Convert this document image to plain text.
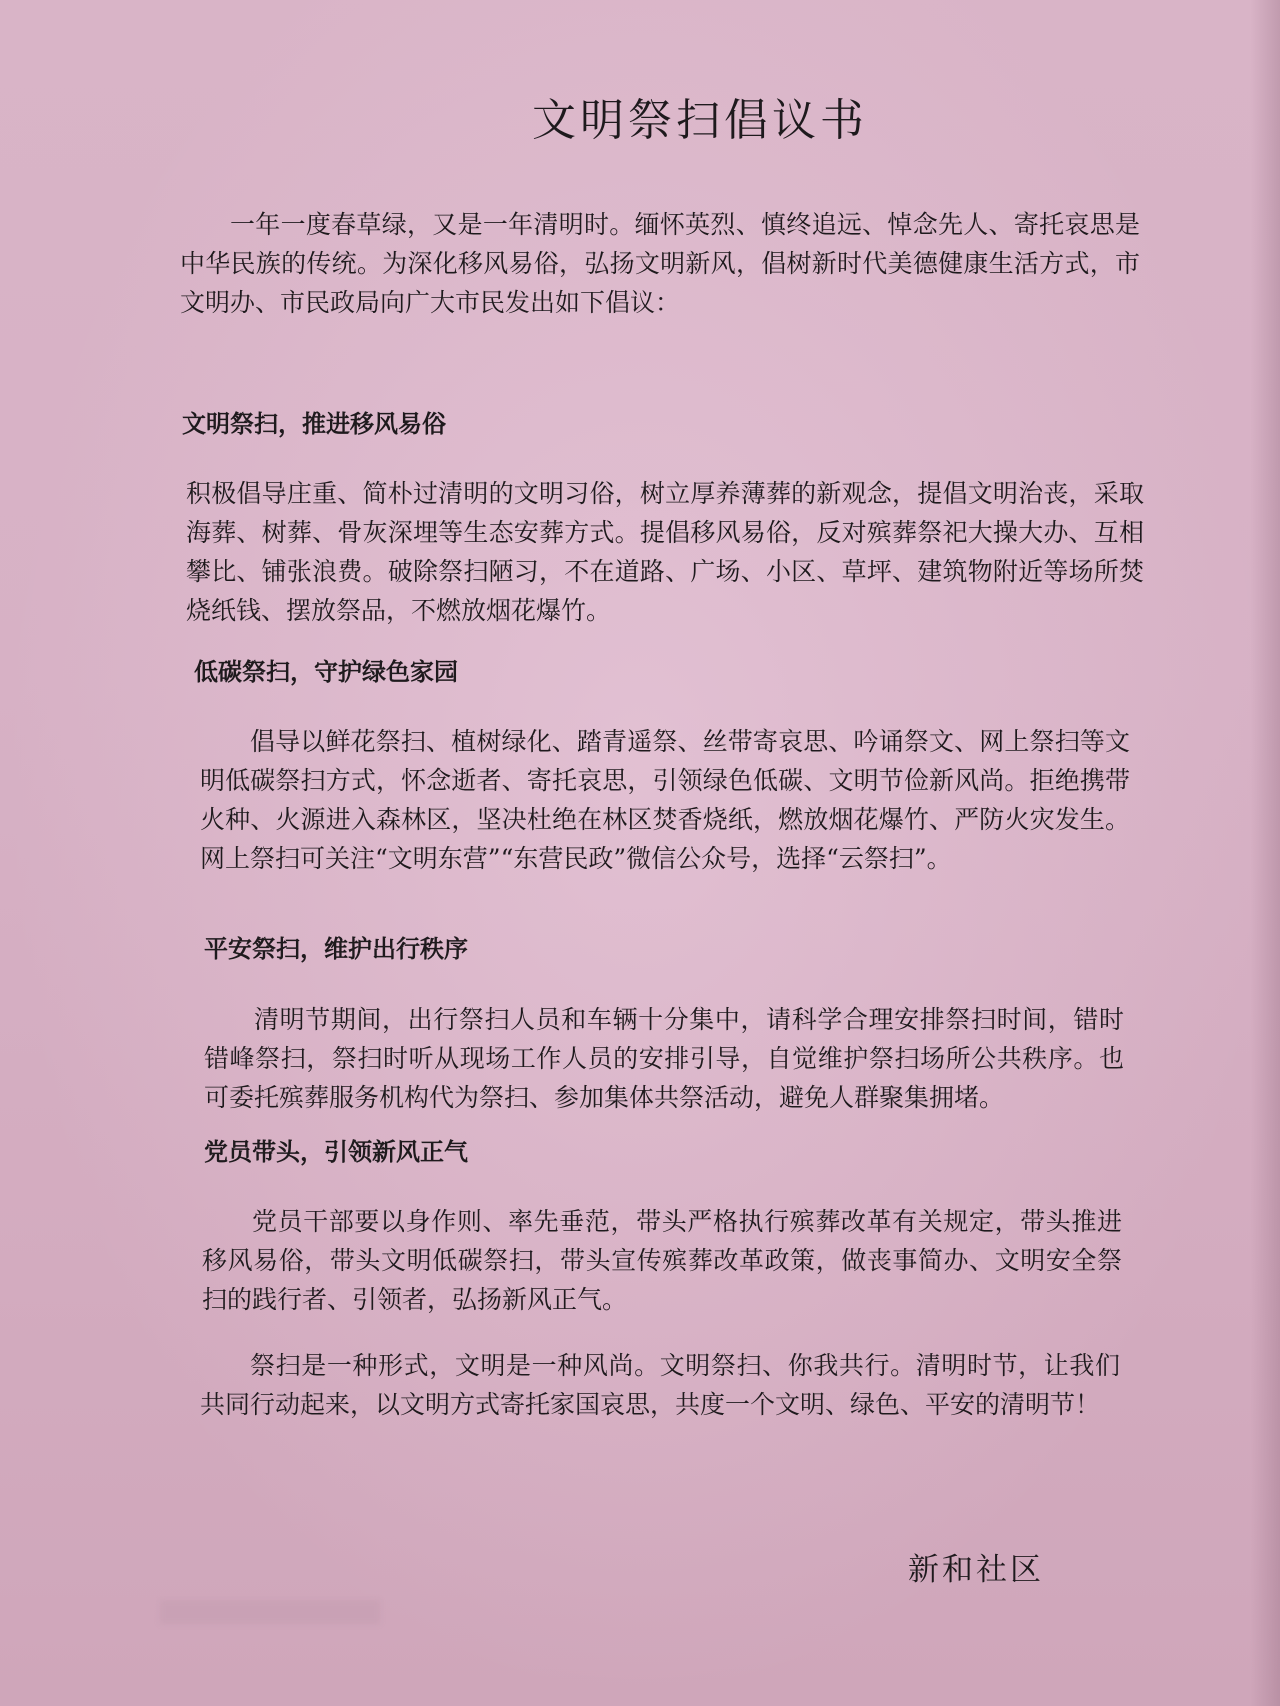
文明祭扫倡议书
一年一度春草绿，又是一年清明时。缅怀英烈、慎终追远、悼念先人、寄托哀思是中华民族的传统。为深化移风易俗，弘扬文明新风，倡树新时代美德健康生活方式，市文明办、市民政局向广大市民发出如下倡议：
文明祭扫，推进移风易俗
积极倡导庄重、简朴过清明的文明习俗，树立厚养薄葬的新观念，提倡文明治丧，采取海葬、树葬、骨灰深埋等生态安葬方式。提倡移风易俗，反对殡葬祭祀大操大办、互相攀比、铺张浪费。破除祭扫陋习，不在道路、广场、小区、草坪、建筑物附近等场所焚烧纸钱、摆放祭品，不燃放烟花爆竹。
低碳祭扫，守护绿色家园
倡导以鲜花祭扫、植树绿化、踏青遥祭、丝带寄哀思、吟诵祭文、网上祭扫等文明低碳祭扫方式，怀念逝者、寄托哀思，引领绿色低碳、文明节俭新风尚。拒绝携带火种、火源进入森林区，坚决杜绝在林区焚香烧纸，燃放烟花爆竹、严防火灾发生。网上祭扫可关注“文明东营”“东营民政”微信公众号，选择“云祭扫”。
平安祭扫，维护出行秩序
清明节期间，出行祭扫人员和车辆十分集中，请科学合理安排祭扫时间，错时错峰祭扫，祭扫时听从现场工作人员的安排引导，自觉维护祭扫场所公共秩序。也可委托殡葬服务机构代为祭扫、参加集体共祭活动，避免人群聚集拥堵。
党员带头，引领新风正气
党员干部要以身作则、率先垂范，带头严格执行殡葬改革有关规定，带头推进移风易俗，带头文明低碳祭扫，带头宣传殡葬改革政策，做丧事简办、文明安全祭扫的践行者、引领者，弘扬新风正气。
祭扫是一种形式，文明是一种风尚。文明祭扫、你我共行。清明时节，让我们共同行动起来，以文明方式寄托家国哀思，共度一个文明、绿色、平安的清明节！
新和社区
